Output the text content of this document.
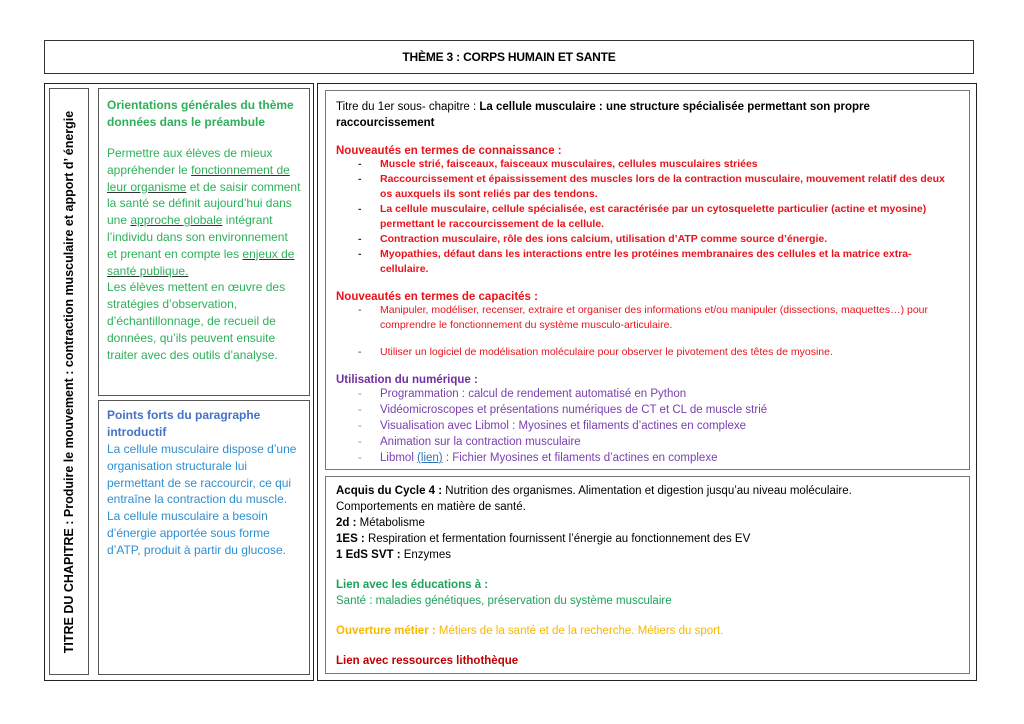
THÈME 3 : CORPS HUMAIN ET SANTE
TITRE DU CHAPITRE : Produire le mouvement : contraction musculaire et apport d’ énergie
Orientations générales du thème données dans le préambule
Permettre aux élèves de mieux appréhender le fonctionnement de leur organisme et de saisir comment la santé se définit aujourd’hui dans une approche globale intégrant l’individu dans son environnement et prenant en compte les enjeux de santé publique.
Les élèves mettent en œuvre des stratégies d’observation, d’échantillonnage, de recueil de données, qu’ils peuvent ensuite traiter avec des outils d’analyse.
Points forts du paragraphe introductif
La cellule musculaire dispose d’une organisation structurale lui permettant de se raccourcir, ce qui entraîne la contraction du muscle.
La cellule musculaire a besoin d’énergie apportée sous forme d’ATP, produit à partir du glucose.
Titre du 1er sous- chapitre : La cellule musculaire : une structure spécialisée permettant son propre raccourcissement
Nouveautés en termes de connaissance :
- Muscle strié, faisceaux, faisceaux musculaires, cellules musculaires striées
- Raccourcissement et épaississement des muscles lors de la contraction musculaire, mouvement relatif des deux os auxquels ils sont reliés par des tendons.
- La cellule musculaire, cellule spécialisée, est caractérisée par un cytosquelette particulier (actine et myosine) permettant le raccourcissement de la cellule.
- Contraction musculaire, rôle des ions calcium, utilisation d’ATP comme source d’énergie.
- Myopathies, défaut dans les interactions entre les protéines membranaires des cellules et la matrice extra-cellulaire.
Nouveautés en termes de capacités :
- Manipuler, modéliser, recenser, extraire et organiser des informations et/ou manipuler (dissections, maquettes…) pour comprendre le fonctionnement du système musculo-articulaire.
- Utiliser un logiciel de modélisation moléculaire pour observer le pivotement des têtes de myosine.
Utilisation du numérique :
- Programmation : calcul de rendement automatisé en Python
- Vidéomicroscopes et présentations numériques de CT et CL de muscle strié
- Visualisation avec Libmol : Myosines et filaments d’actines en complexe
- Animation sur la contraction musculaire
- Libmol (lien) : Fichier Myosines et filaments d’actines en complexe
Acquis du Cycle 4 : Nutrition des organismes. Alimentation et digestion jusqu’au niveau moléculaire.
Comportements en matière de santé.
2d : Métabolisme
1ES : Respiration et fermentation fournissent l’énergie au fonctionnement des EV
1 EdS SVT : Enzymes
Lien avec les éducations à :
Santé : maladies génétiques, préservation du système musculaire
Ouverture métier : Métiers de la santé et de la recherche. Métiers du sport.
Lien avec ressources lithothèque
